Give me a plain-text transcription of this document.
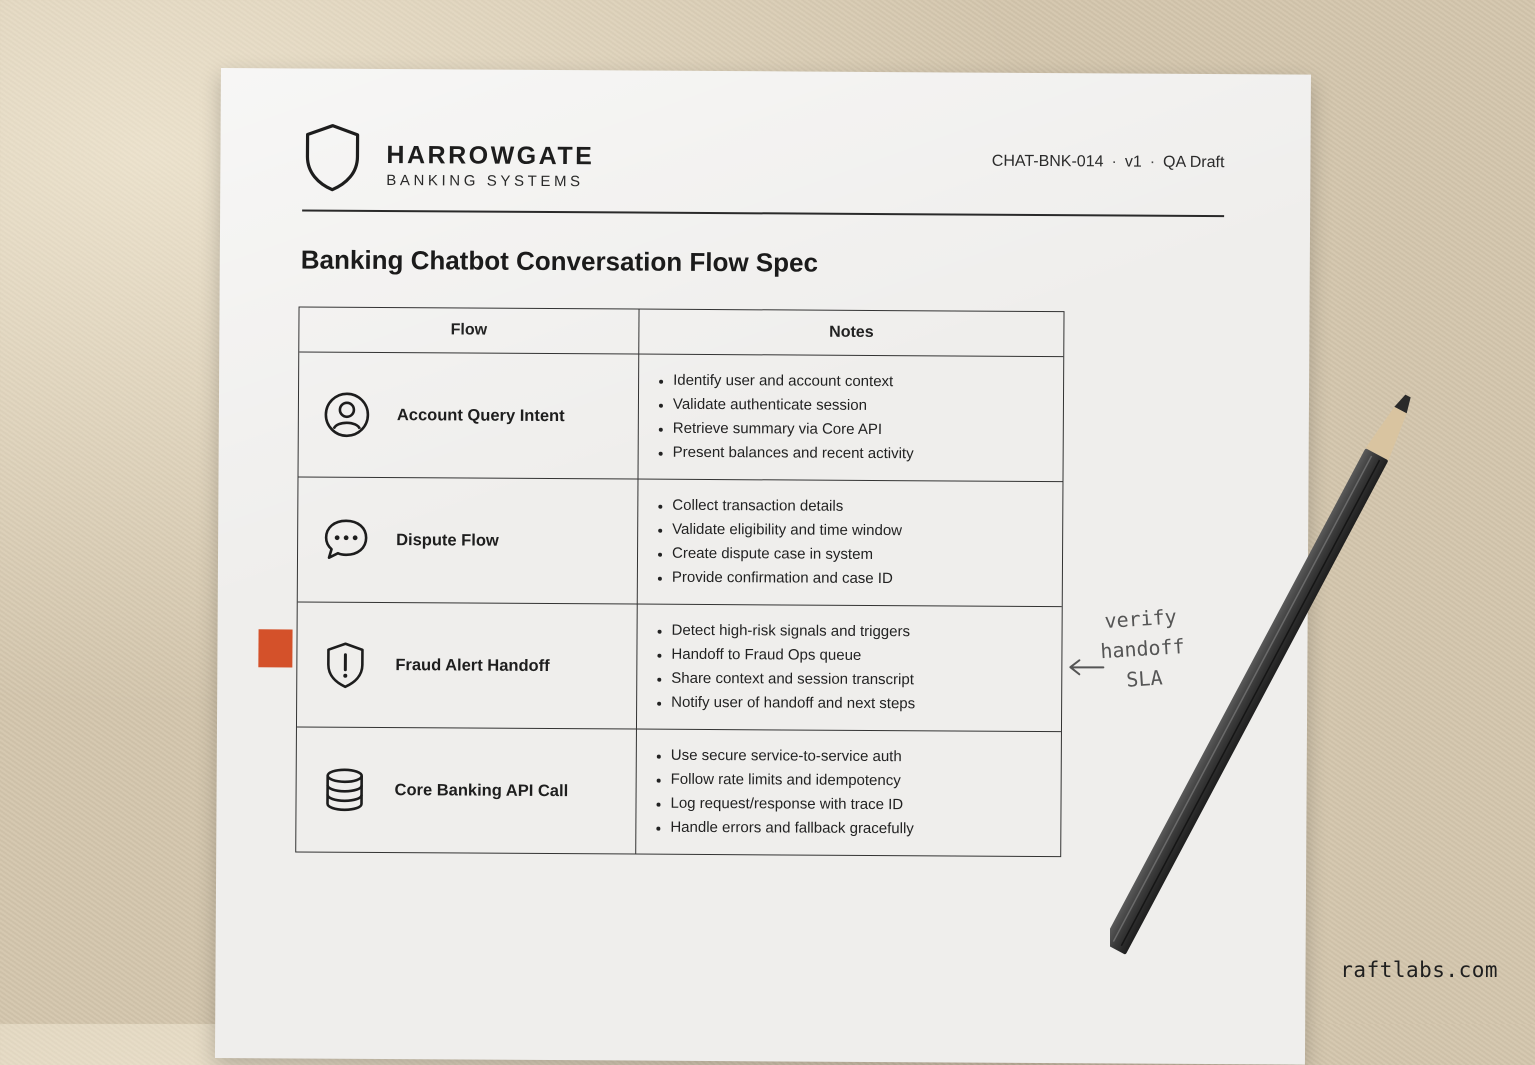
HARROWGATE
BANKING SYSTEMS
CHAT-BNK-014 · v1 · QA Draft
Banking Chatbot Conversation Flow Spec
Flow	Notes
Account Query Intent
Identify user and account context
Validate authenticate session
Retrieve summary via Core API
Present balances and recent activity
Dispute Flow
Collect transaction details
Validate eligibility and time window
Create dispute case in system
Provide confirmation and case ID
Fraud Alert Handoff
Detect high-risk signals and triggers
Handoff to Fraud Ops queue
Share context and session transcript
Notify user of handoff and next steps
Core Banking API Call
Use secure service-to-service auth
Follow rate limits and idempotency
Log request/response with trace ID
Handle errors and fallback gracefully
verify
handoff
SLA
raftlabs.com
